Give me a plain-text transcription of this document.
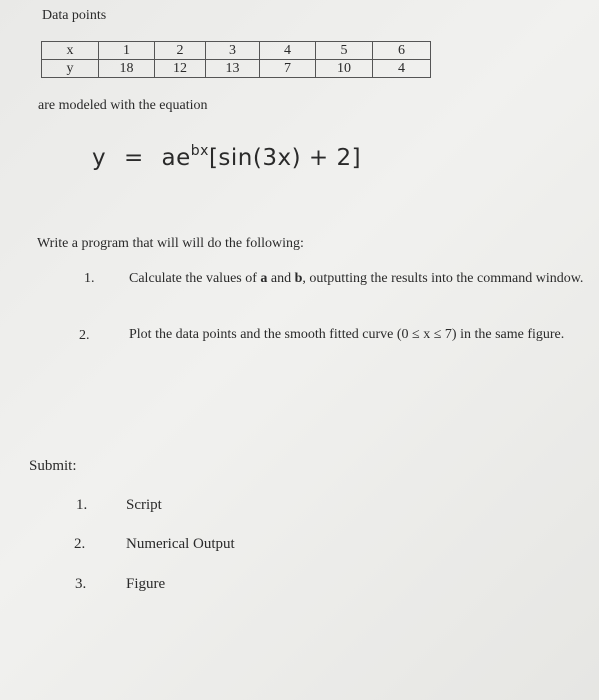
Data points
x	1	2	3	4	5	6
y	18	12	13	7	10	4
are modeled with the equation
$y = ae^{bx}[\sin(3x) + 2]$
Write a program that will will do the following:
1. Calculate the values of a and b, outputting the results into the command window.
2.	Plot the data points and the smooth fitted curve (0 ≤ x ≤ 7) in the same figure.
Submit:
1.	Script
2.	Numerical Output
3.	Figure
